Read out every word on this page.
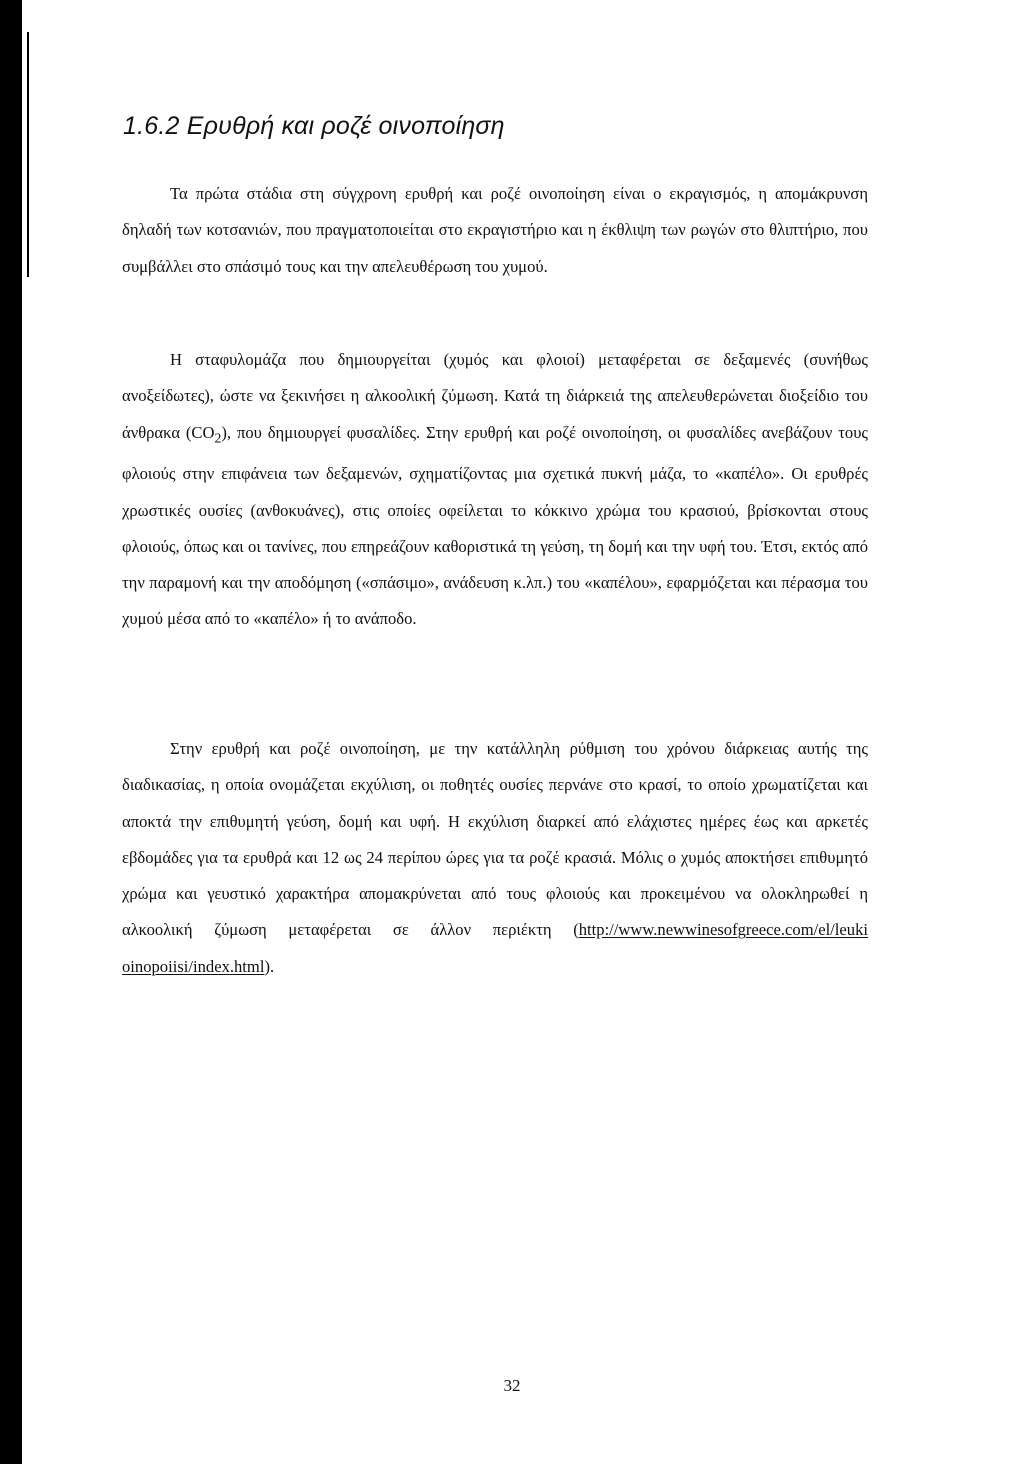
1.6.2 Ερυθρή και ροζέ οινοποίηση

Τα πρώτα στάδια στη σύγχρονη ερυθρή και ροζέ οινοποίηση είναι ο εκραγισμός, η απομάκρυνση δηλαδή των κοτσανιών, που πραγματοποιείται στο εκραγιστήριο και η έκθλιψη των ρωγών στο θλιπτήριο, που συμβάλλει στο σπάσιμό τους και την απελευθέρωση του χυμού.

Η σταφυλομάζα που δημιουργείται (χυμός και φλοιοί) μεταφέρεται σε δεξαμενές (συνήθως ανοξείδωτες), ώστε να ξεκινήσει η αλκοολική ζύμωση. Κατά τη διάρκειά της απελευθερώνεται διοξείδιο του άνθρακα $(CO_2)$, που δημιουργεί φυσαλίδες. Στην ερυθρή και ροζέ οινοποίηση, οι φυσαλίδες ανεβάζουν τους φλοιούς στην επιφάνεια των δεξαμενών, σχηματίζοντας μια σχετικά πυκνή μάζα, το «καπέλο». Οι ερυθρές χρωστικές ουσίες (ανθοκυάνες), στις οποίες οφείλεται το κόκκινο χρώμα του κρασιού, βρίσκονται στους φλοιούς, όπως και οι τανίνες, που επηρεάζουν καθοριστικά τη γεύση, τη δομή και την υφή του. Έτσι, εκτός από την παραμονή και την αποδόμηση («σπάσιμο», ανάδευση κ.λπ.) του «καπέλου», εφαρμόζεται και πέρασμα του χυμού μέσα από το «καπέλο» ή το ανάποδο.

Στην ερυθρή και ροζέ οινοποίηση, με την κατάλληλη ρύθμιση του χρόνου διάρκειας αυτής της διαδικασίας, η οποία ονομάζεται εκχύλιση, οι ποθητές ουσίες περνάνε στο κρασί, το οποίο χρωματίζεται και αποκτά την επιθυμητή γεύση, δομή και υφή. Η εκχύλιση διαρκεί από ελάχιστες ημέρες έως και αρκετές εβδομάδες για τα ερυθρά και 12 ως 24 περίπου ώρες για τα ροζέ κρασιά. Μόλις ο χυμός αποκτήσει επιθυμητό χρώμα και γευστικό χαρακτήρα απομακρύνεται από τους φλοιούς και προκειμένου να ολοκληρωθεί η αλκοολική ζύμωση μεταφέρεται σε άλλον περιέκτη (http://www.newwinesofgreece.com/el/leuki oinopoiisi/index.html).

32
